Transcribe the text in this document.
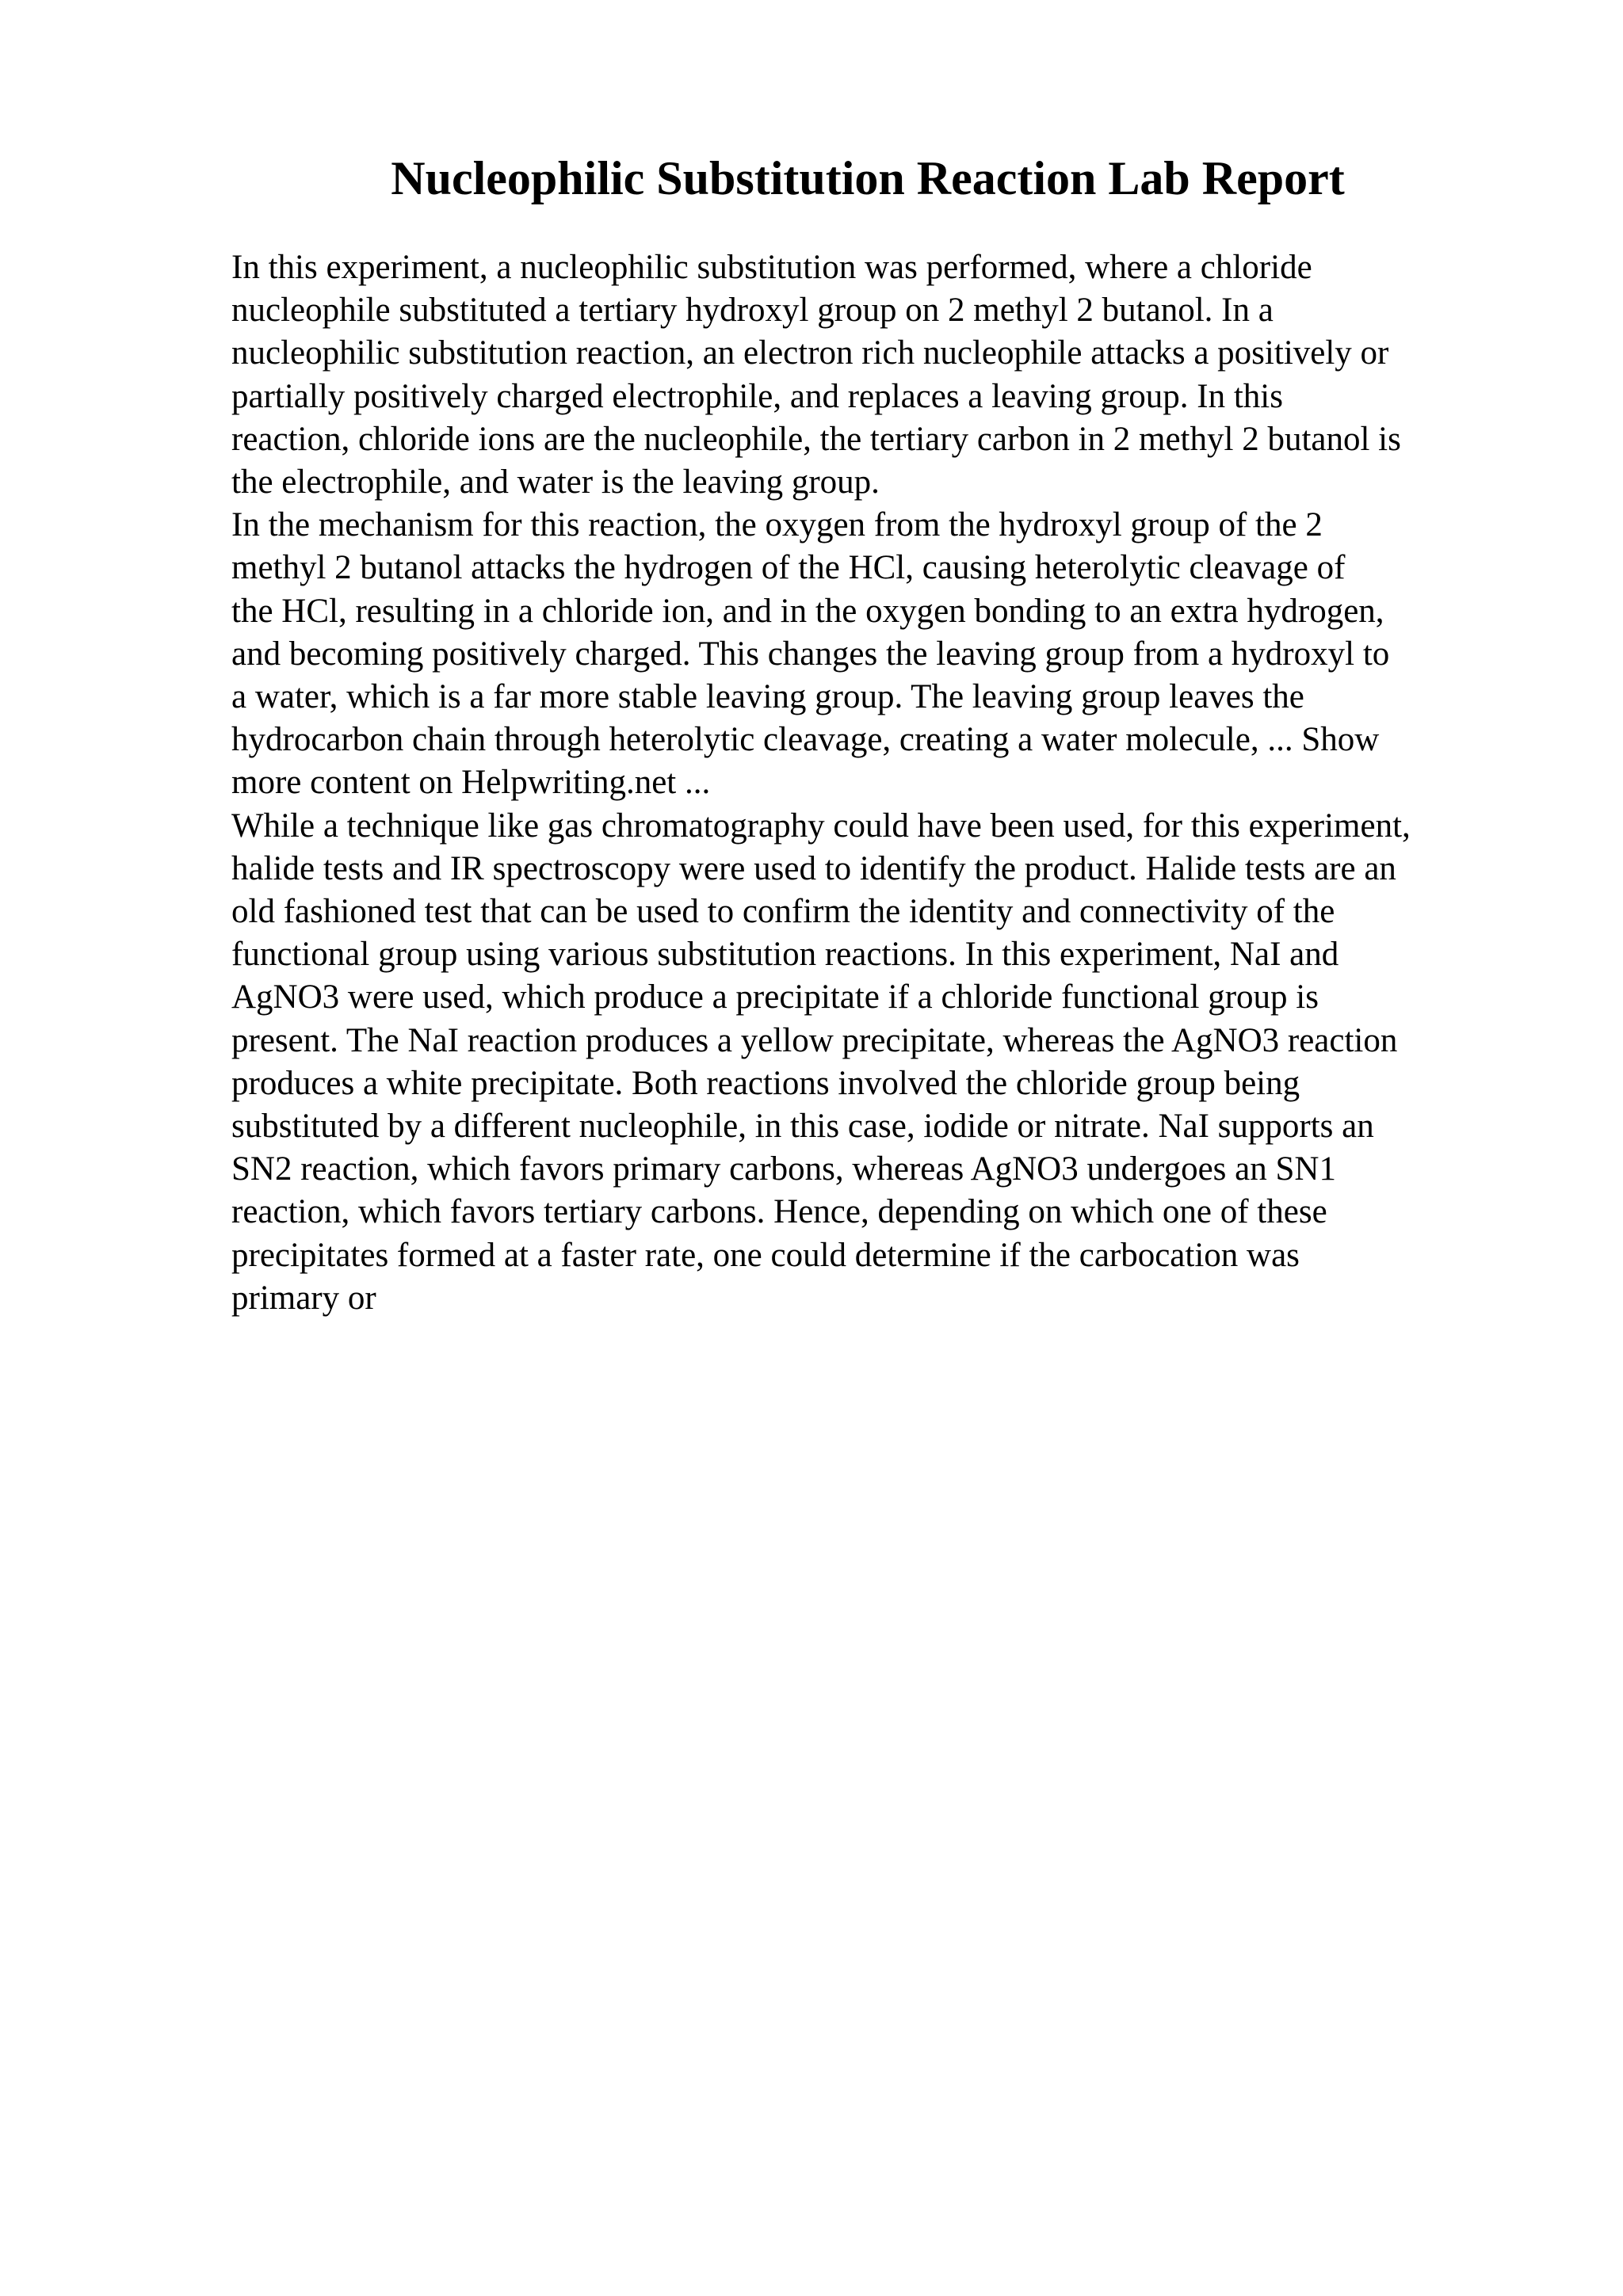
Nucleophilic Substitution Reaction Lab Report

In this experiment, a nucleophilic substitution was performed, where a chloride
nucleophile substituted a tertiary hydroxyl group on 2 methyl 2 butanol. In a
nucleophilic substitution reaction, an electron rich nucleophile attacks a positively or
partially positively charged electrophile, and replaces a leaving group. In this
reaction, chloride ions are the nucleophile, the tertiary carbon in 2 methyl 2 butanol is
the electrophile, and water is the leaving group.

In the mechanism for this reaction, the oxygen from the hydroxyl group of the 2
methyl 2 butanol attacks the hydrogen of the HCl, causing heterolytic cleavage of
the HCl, resulting in a chloride ion, and in the oxygen bonding to an extra hydrogen,
and becoming positively charged. This changes the leaving group from a hydroxyl to
a water, which is a far more stable leaving group. The leaving group leaves the
hydrocarbon chain through heterolytic cleavage, creating a water molecule, ... Show
more content on Helpwriting.net ...

While a technique like gas chromatography could have been used, for this experiment,
halide tests and IR spectroscopy were used to identify the product. Halide tests are an
old fashioned test that can be used to confirm the identity and connectivity of the
functional group using various substitution reactions. In this experiment, NaI and
AgNO3 were used, which produce a precipitate if a chloride functional group is
present. The NaI reaction produces a yellow precipitate, whereas the AgNO3 reaction
produces a white precipitate. Both reactions involved the chloride group being
substituted by a different nucleophile, in this case, iodide or nitrate. NaI supports an
SN2 reaction, which favors primary carbons, whereas AgNO3 undergoes an SN1
reaction, which favors tertiary carbons. Hence, depending on which one of these
precipitates formed at a faster rate, one could determine if the carbocation was
primary or
